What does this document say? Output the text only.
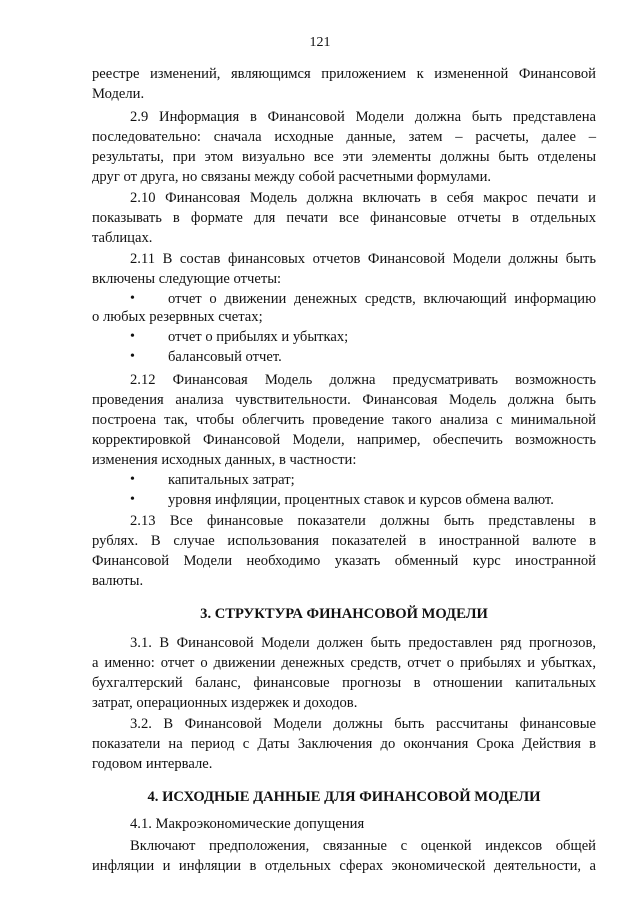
121
реестре изменений, являющимся приложением к измененной Финансовой
Модели.
2.9 Информация в Финансовой Модели должна быть представлена
последовательно: сначала исходные данные, затем – расчеты, далее –
результаты, при этом визуально все эти элементы должны быть отделены
друг от друга, но связаны между собой расчетными формулами.
2.10 Финансовая Модель должна включать в себя макрос печати и
показывать в формате для печати все финансовые отчеты в отдельных
таблицах.
2.11 В состав финансовых отчетов Финансовой Модели должны быть
включены следующие отчеты:
• отчет о движении денежных средств, включающий информацию
о любых резервных счетах;
• отчет о прибылях и убытках;
• балансовый отчет.
2.12 Финансовая Модель должна предусматривать возможность
проведения анализа чувствительности. Финансовая Модель должна быть
построена так, чтобы облегчить проведение такого анализа с минимальной
корректировкой Финансовой Модели, например, обеспечить возможность
изменения исходных данных, в частности:
• капитальных затрат;
• уровня инфляции, процентных ставок и курсов обмена валют.
2.13 Все финансовые показатели должны быть представлены в
рублях. В случае использования показателей в иностранной валюте в
Финансовой Модели необходимо указать обменный курс иностранной
валюты.
3. СТРУКТУРА ФИНАНСОВОЙ МОДЕЛИ
3.1. В Финансовой Модели должен быть предоставлен ряд прогнозов,
а именно: отчет о движении денежных средств, отчет о прибылях и убытках,
бухгалтерский баланс, финансовые прогнозы в отношении капитальных
затрат, операционных издержек и доходов.
3.2. В Финансовой Модели должны быть рассчитаны финансовые
показатели на период с Даты Заключения до окончания Срока Действия в
годовом интервале.
4. ИСХОДНЫЕ ДАННЫЕ ДЛЯ ФИНАНСОВОЙ МОДЕЛИ
4.1. Макроэкономические допущения
Включают предположения, связанные с оценкой индексов общей
инфляции и инфляции в отдельных сферах экономической деятельности, а
